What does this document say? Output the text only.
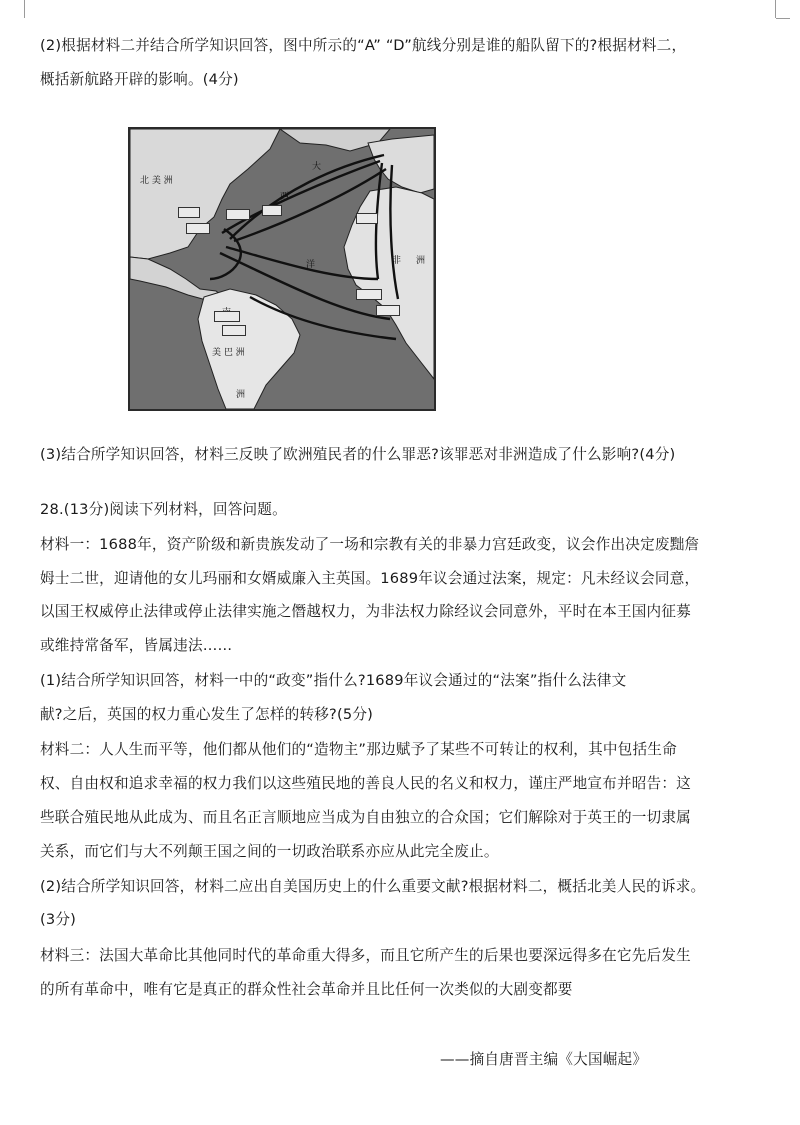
(2)根据材料二并结合所学知识回答，图中所示的“A” “D”航线分别是谁的船队留下的?根据材料二，
概括新航路开辟的影响。(4分)
北 美 洲
大
西
洋	非 洲
美 巴 洲
洲
(3)结合所学知识回答，材料三反映了欧洲殖民者的什么罪恶?该罪恶对非洲造成了什么影响?(4分)
28.(13分)阅读下列材料，回答问题。
材料一：1688年，资产阶级和新贵族发动了一场和宗教有关的非暴力宫廷政变，议会作出决定废黜詹
姆士二世，迎请他的女儿玛丽和女婿威廉入主英国。1689年议会通过法案，规定：凡未经议会同意，
以国王权威停止法律或停止法律实施之僭越权力，为非法权力除经议会同意外，平时在本王国内征募
或维持常备军，皆属违法……
(1)结合所学知识回答，材料一中的“政变”指什么?1689年议会通过的“法案”指什么法律文
献?之后，英国的权力重心发生了怎样的转移?(5分)
材料二：人人生而平等，他们都从他们的“造物主”那边赋予了某些不可转让的权利，其中包括生命
权、自由权和追求幸福的权力我们以这些殖民地的善良人民的名义和权力，谨庄严地宣布并昭告：这
些联合殖民地从此成为、而且名正言顺地应当成为自由独立的合众国；它们解除对于英王的一切隶属
关系，而它们与大不列颠王国之间的一切政治联系亦应从此完全废止。
(2)结合所学知识回答，材料二应出自美国历史上的什么重要文献?根据材料二，概括北美人民的诉求。
(3分)
材料三：法国大革命比其他同时代的革命重大得多，而且它所产生的后果也要深远得多在它先后发生
的所有革命中，唯有它是真正的群众性社会革命并且比任何一次类似的大剧变都要
——摘自唐晋主编《大国崛起》
